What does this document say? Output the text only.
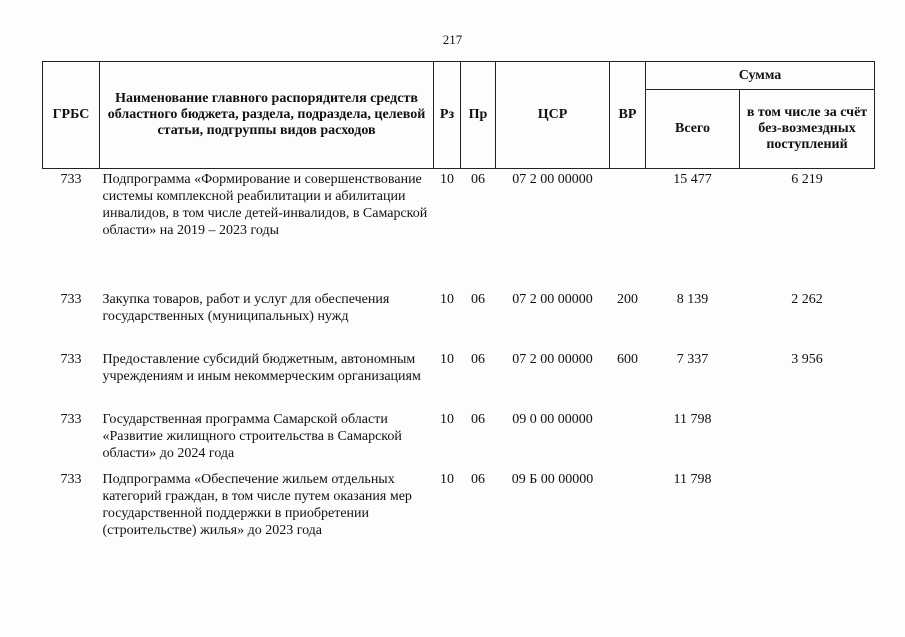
217
ГРБС	Наименование главного распорядителя средств областного бюджета, раздела, подраздела, целевой статьи, подгруппы видов расходов	Рз	Пр	ЦСР	ВР	Сумма	
						Всего	в том числе за счёт без-возмездных поступлений
733	Подпрограмма «Формирование и совершенствование системы комплексной реабилитации и абилитации инвалидов, в том числе детей-инвалидов, в Самарской области» на 2019 – 2023 годы	10	06	07 2 00 00000		15 477	6 219
733	Закупка товаров, работ и услуг для обеспечения государственных (муниципальных) нужд	10	06	07 2 00 00000	200	8 139	2 262
733	Предоставление субсидий бюджетным, автономным учреждениям и иным некоммерческим организациям	10	06	07 2 00 00000	600	7 337	3 956
733	Государственная программа Самарской области «Развитие жилищного строительства в Самарской области» до 2024 года	10	06	09 0 00 00000		11 798	
733	Подпрограмма «Обеспечение жильем отдельных категорий граждан, в том числе путем оказания мер государственной поддержки в приобретении (строительстве) жилья» до 2023 года	10	06	09 Б 00 00000		11 798	
